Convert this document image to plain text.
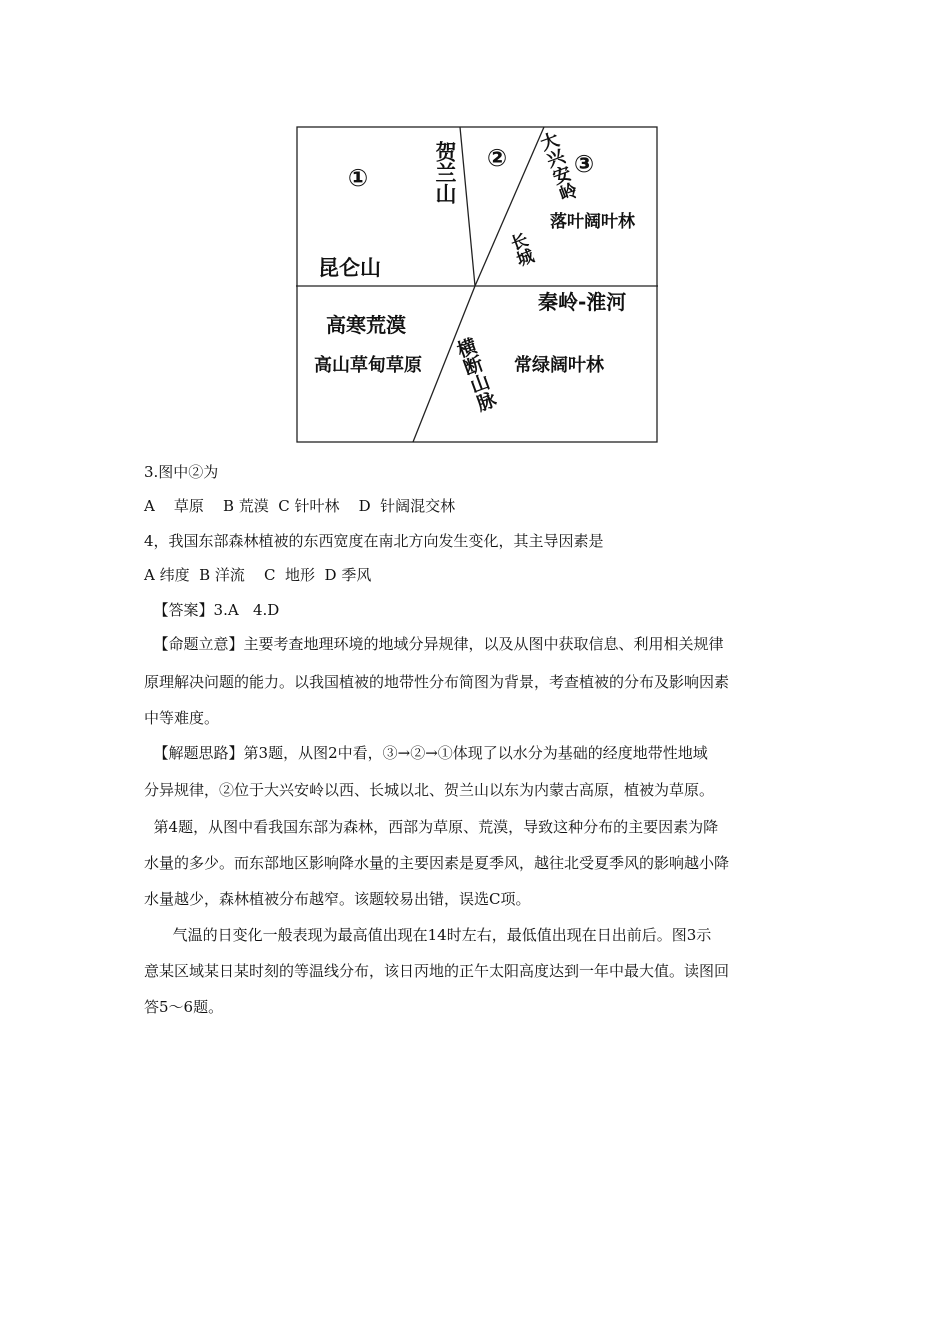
①
②	③
贺兰山	大兴安岭
长城
横断山脉
落叶阔叶林
昆仑山
秦岭-淮河
高寒荒漠
高山草甸草原	常绿阔叶林
3.图中②为
A    草原    B 荒漠  C 针叶林    D  针阔混交林
4，我国东部森林植被的东西宽度在南北方向发生变化，其主导因素是
A 纬度  B 洋流    C  地形  D 季风
【答案】3.A   4.D
【命题立意】主要考查地理环境的地域分异规律，以及从图中获取信息、利用相关规律
原理解决问题的能力。以我国植被的地带性分布简图为背景，考查植被的分布及影响因素
中等难度。
【解题思路】第3题，从图2中看，③→②→①体现了以水分为基础的经度地带性地域
分异规律，②位于大兴安岭以西、长城以北、贺兰山以东为内蒙古高原，植被为草原。
第4题，从图中看我国东部为森林，西部为草原、荒漠，导致这种分布的主要因素为降
水量的多少。而东部地区影响降水量的主要因素是夏季风，越往北受夏季风的影响越小降
水量越少，森林植被分布越窄。该题较易出错，误选C项。
气温的日变化一般表现为最高值出现在14时左右，最低值出现在日出前后。图3示
意某区域某日某时刻的等温线分布，该日丙地的正午太阳高度达到一年中最大值。读图回
答5～6题。
